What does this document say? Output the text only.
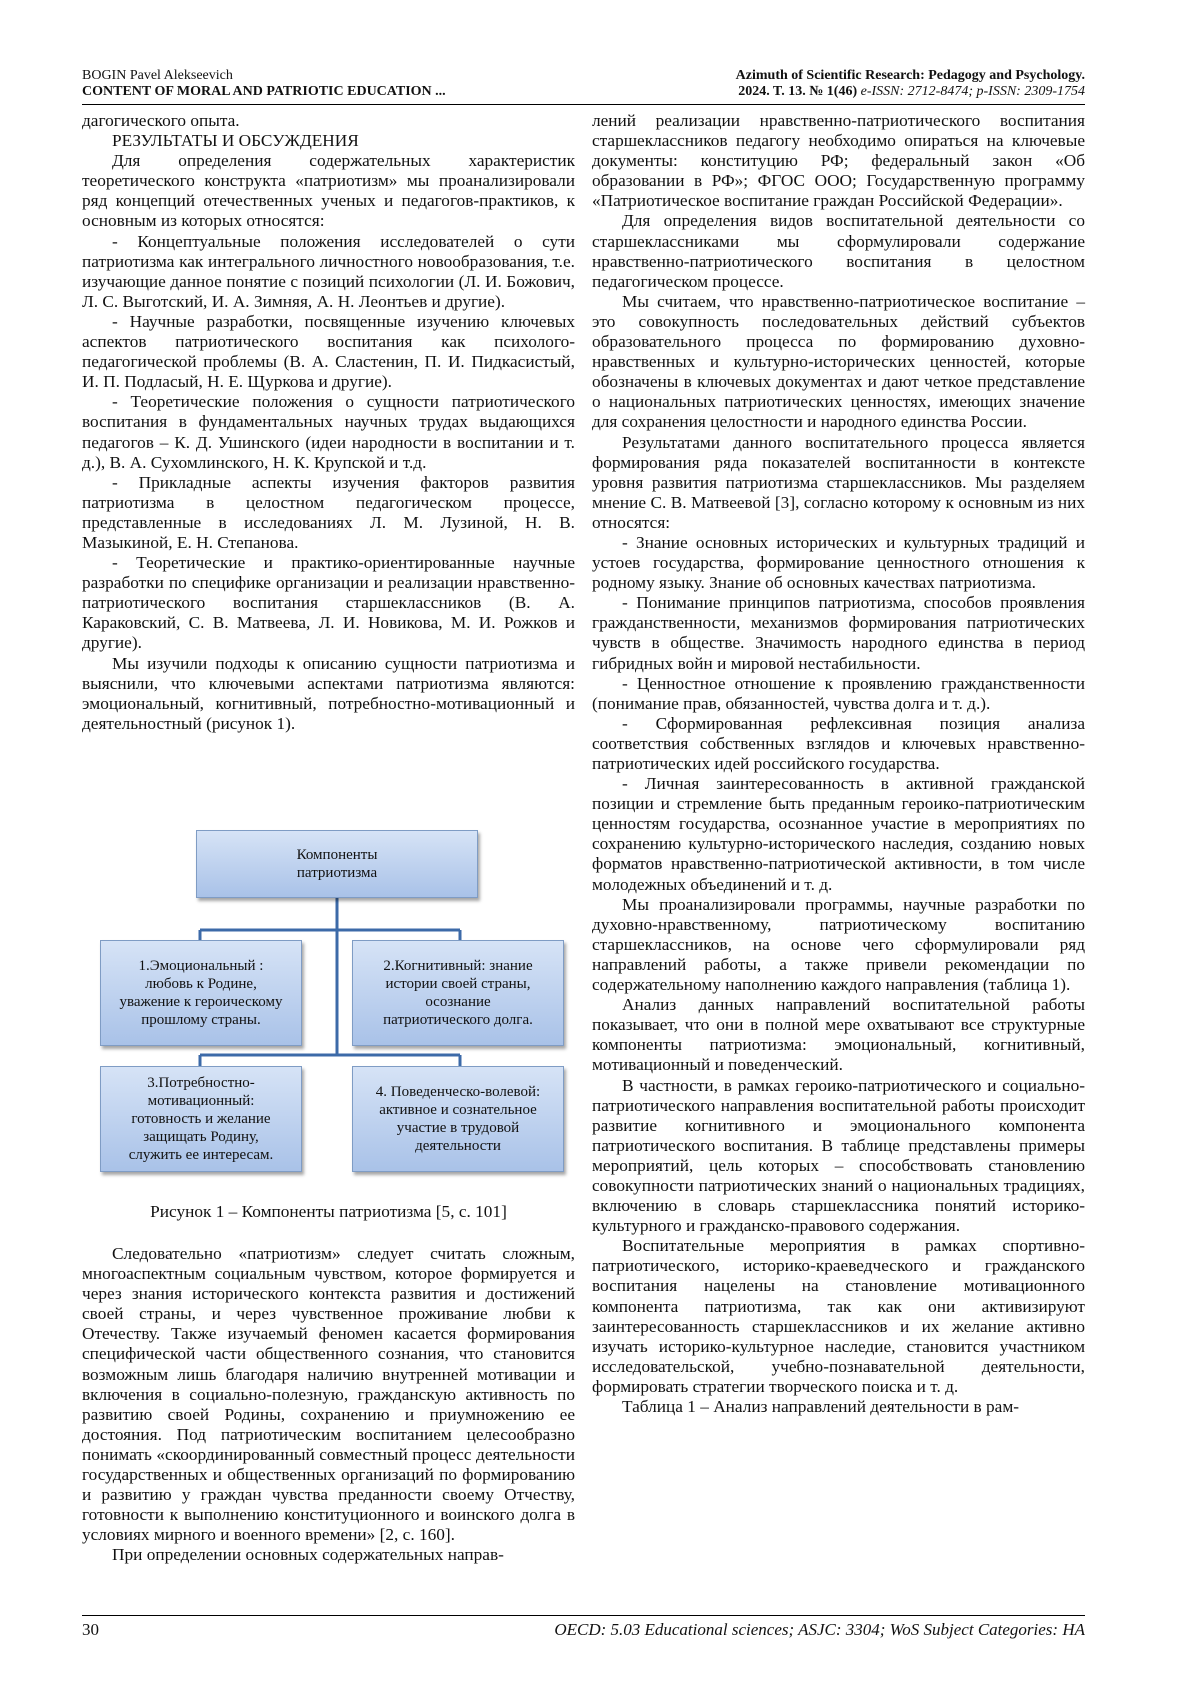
BOGIN Pavel Alekseevich
CONTENT OF MORAL AND PATRIOTIC EDUCATION ...
Azimuth of Scientific Research: Pedagogy and Psychology.
2024. T. 13. № 1(46) e-ISSN: 2712-8474; p-ISSN: 2309-1754

дагогического опыта.

РЕЗУЛЬТАТЫ И ОБСУЖДЕНИЯ

Для определения содержательных характеристик теоретического конструкта «патриотизм» мы проанализировали ряд концепций отечественных ученых и педагогов-практиков, к основным из которых относятся:

- Концептуальные положения исследователей о сути патриотизма как интегрального личностного новообразования, т.е. изучающие данное понятие с позиций психологии (Л. И. Божович, Л. С. Выготский, И. А. Зимняя, А. Н. Леонтьев и другие).

- Научные разработки, посвященные изучению ключевых аспектов патриотического воспитания как психолого-педагогической проблемы (В. А. Сластенин, П. И. Пидкасистый, И. П. Подласый, Н. Е. Щуркова и другие).

- Теоретические положения о сущности патриотического воспитания в фундаментальных научных трудах выдающихся педагогов – К. Д. Ушинского (идеи народности в воспитании и т. д.), В. А. Сухомлинского, Н. К. Крупской и т.д.

- Прикладные аспекты изучения факторов развития патриотизма в целостном педагогическом процессе, представленные в исследованиях Л. М. Лузиной, Н. В. Мазыкиной, Е. Н. Степанова.

- Теоретические и практико-ориентированные научные разработки по специфике организации и реализации нравственно-патриотического воспитания старшеклассников (В. А. Караковский, С. В. Матвеева, Л. И. Новикова, М. И. Рожков и другие).

Мы изучили подходы к описанию сущности патриотизма и выяснили, что ключевыми аспектами патриотизма являются: эмоциональный, когнитивный, потребностно-мотивационный и деятельностный (рисунок 1).

Компоненты
патриотизма
1.Эмоциональный :
любовь к Родине,
уважение к героическому
прошлому страны.
2.Когнитивный: знание
истории своей страны,
осознание
патриотического долга.
3.Потребностно-
мотивационный:
готовность и желание
защищать Родину,
служить ее интересам.
4. Поведенческо-волевой:
активное и сознательное
участие в трудовой
деятельности
Рисунок 1 – Компоненты патриотизма [5, с. 101]

Следовательно «патриотизм» следует считать сложным, многоаспектным социальным чувством, которое формируется и через знания исторического контекста развития и достижений своей страны, и через чувственное проживание любви к Отечеству. Также изучаемый феномен касается формирования специфической части общественного сознания, что становится возможным лишь благодаря наличию внутренней мотивации и включения в социально-полезную, гражданскую активность по развитию своей Родины, сохранению и приумножению ее достояния. Под патриотическим воспитанием целесообразно понимать «скоординированный совместный процесс деятельности государственных и общественных организаций по формированию и развитию у граждан чувства преданности своему Отчеству, готовности к выполнению конституционного и воинского долга в условиях мирного и военного времени» [2, с. 160].

При определении основных содержательных направ-

лений реализации нравственно-патриотического воспитания старшеклассников педагогу необходимо опираться на ключевые документы: конституцию РФ; федеральный закон «Об образовании в РФ»; ФГОС ООО; Государственную программу «Патриотическое воспитание граждан Российской Федерации».

Для определения видов воспитательной деятельности со старшеклассниками мы сформулировали содержание нравственно-патриотического воспитания в целостном педагогическом процессе.

Мы считаем, что нравственно-патриотическое воспитание – это совокупность последовательных действий субъектов образовательного процесса по формированию духовно-нравственных и культурно-исторических ценностей, которые обозначены в ключевых документах и дают четкое представление о национальных патриотических ценностях, имеющих значение для сохранения целостности и народного единства России.

Результатами данного воспитательного процесса является формирования ряда показателей воспитанности в контексте уровня развития патриотизма старшеклассников. Мы разделяем мнение С. В. Матвеевой [3], согласно которому к основным из них относятся:

- Знание основных исторических и культурных традиций и устоев государства, формирование ценностного отношения к родному языку. Знание об основных качествах патриотизма.

- Понимание принципов патриотизма, способов проявления гражданственности, механизмов формирования патриотических чувств в обществе. Значимость народного единства в период гибридных войн и мировой нестабильности.

- Ценностное отношение к проявлению гражданственности (понимание прав, обязанностей, чувства долга и т. д.).

- Сформированная рефлексивная позиция анализа соответствия собственных взглядов и ключевых нравственно-патриотических идей российского государства.

- Личная заинтересованность в активной гражданской позиции и стремление быть преданным героико-патриотическим ценностям государства, осознанное участие в мероприятиях по сохранению культурно-исторического наследия, созданию новых форматов нравственно-патриотической активности, в том числе молодежных объединений и т. д.

Мы проанализировали программы, научные разработки по духовно-нравственному, патриотическому воспитанию старшеклассников, на основе чего сформулировали ряд направлений работы, а также привели рекомендации по содержательному наполнению каждого направления (таблица 1).

Анализ данных направлений воспитательной работы показывает, что они в полной мере охватывают все структурные компоненты патриотизма: эмоциональный, когнитивный, мотивационный и поведенческий.

В частности, в рамках героико-патриотического и социально-патриотического направления воспитательной работы происходит развитие когнитивного и эмоционального компонента патриотического воспитания. В таблице представлены примеры мероприятий, цель которых – способствовать становлению совокупности патриотических знаний о национальных традициях, включению в словарь старшеклассника понятий историко-культурного и гражданско-правового содержания.

Воспитательные мероприятия в рамках спортивно-патриотического, историко-краеведческого и гражданского воспитания нацелены на становление мотивационного компонента патриотизма, так как они активизируют заинтересованность старшеклассников и их желание активно изучать историко-культурное наследие, становится участником исследовательской, учебно-познавательной деятельности, формировать стратегии творческого поиска и т. д.

Таблица 1 – Анализ направлений деятельности в рам-

30	OECD: 5.03 Educational sciences; ASJC: 3304; WoS Subject Categories: HA
